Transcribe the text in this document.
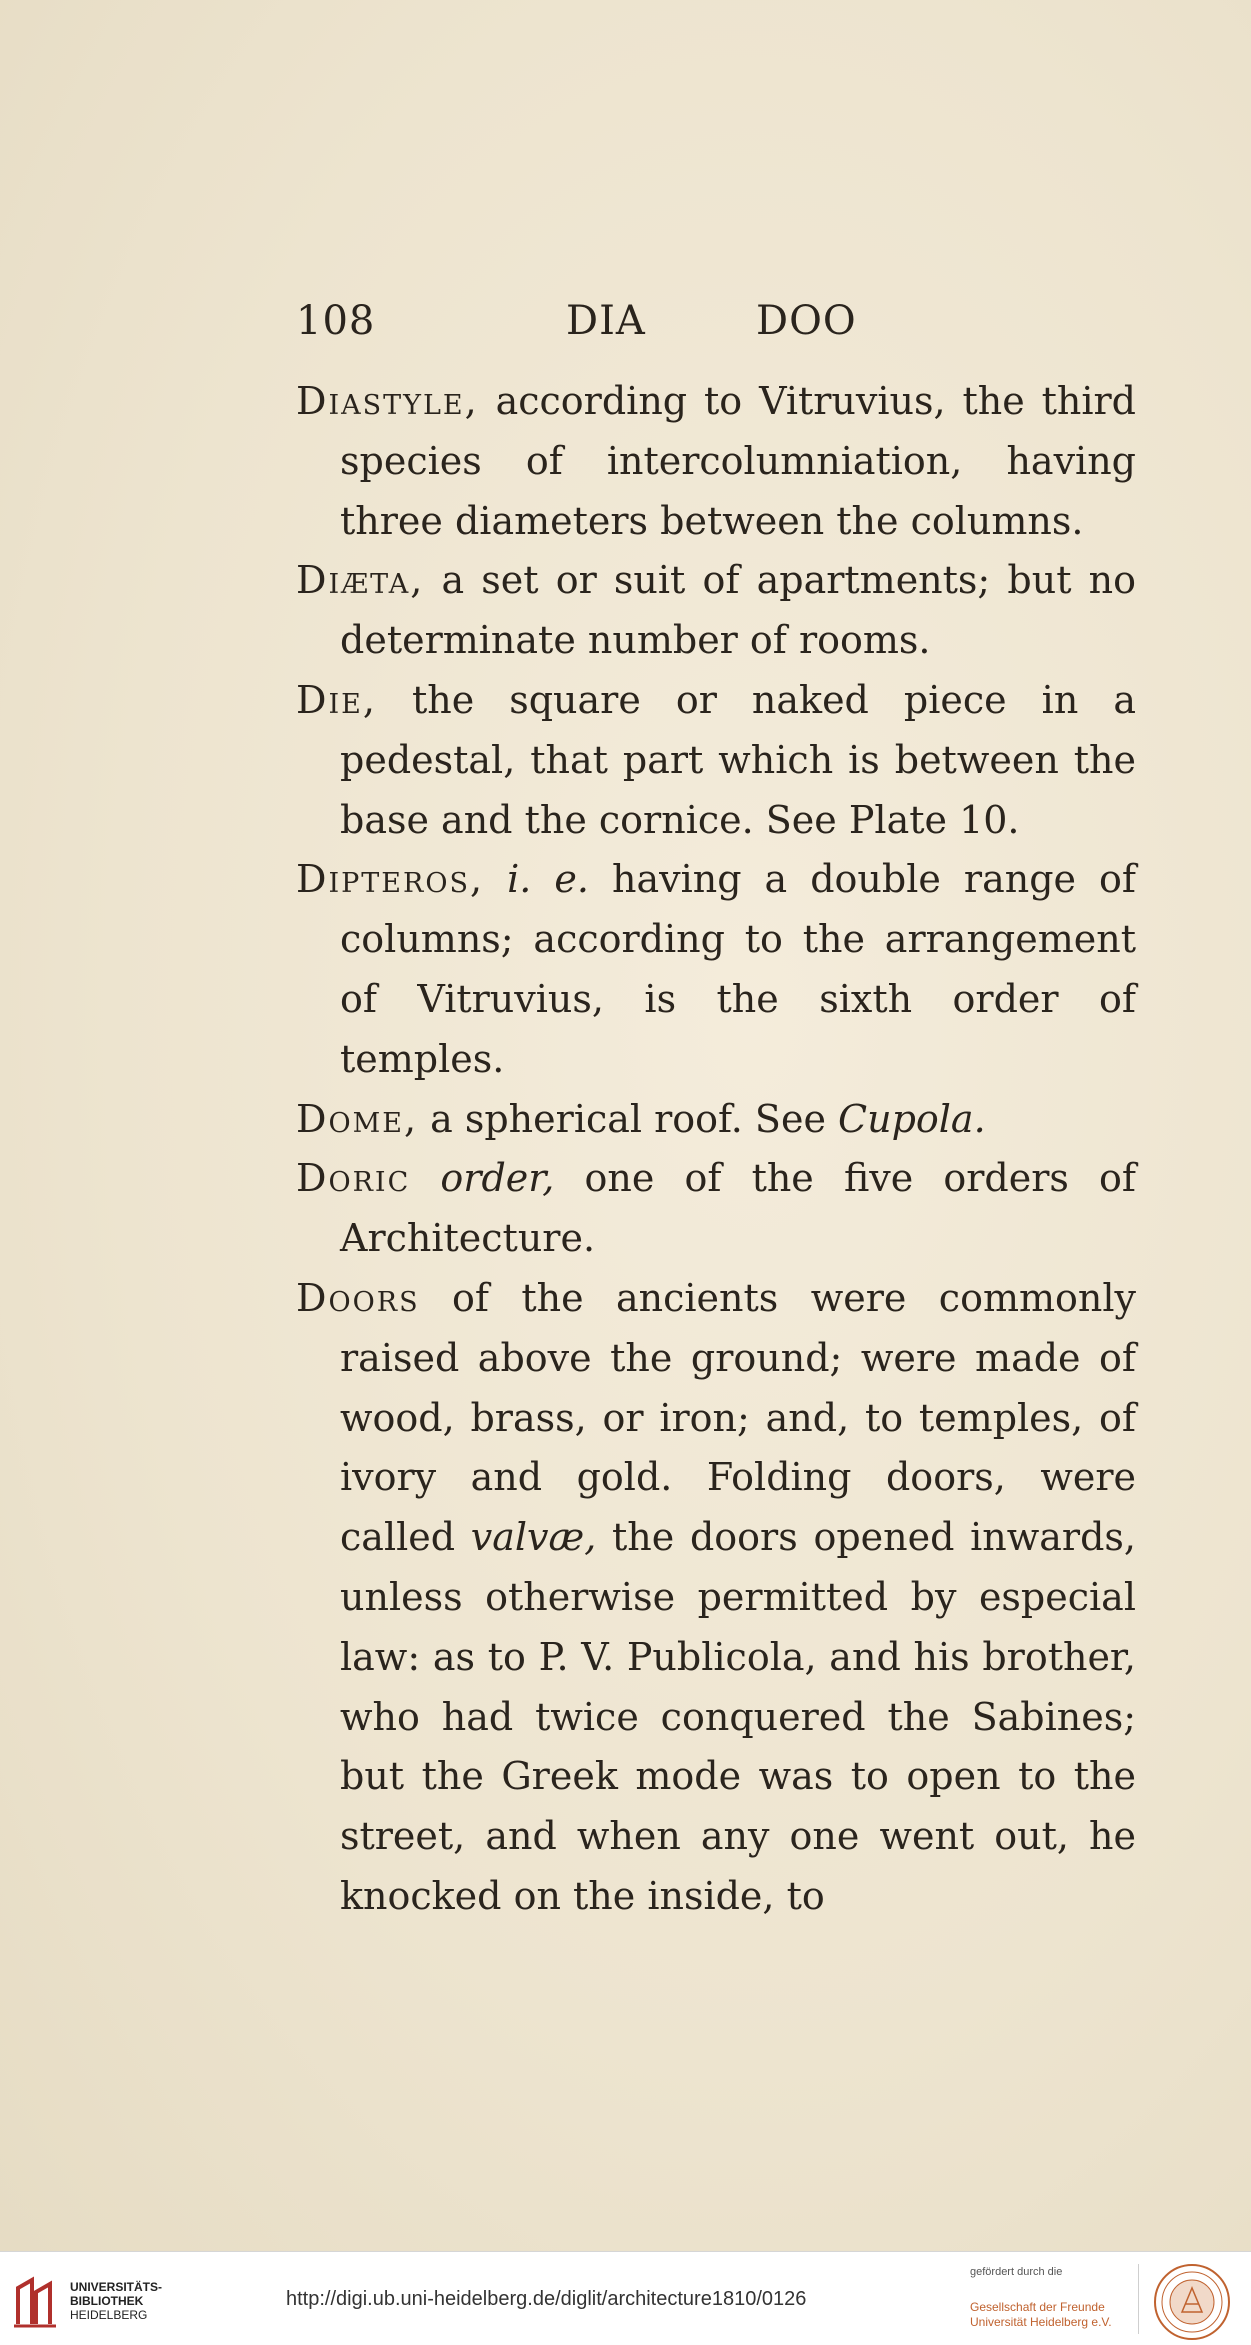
108	DIA	DOO

Diastyle, according to Vitruvius, the third species of intercolumniation, having three diameters between the columns.

Diæta, a set or suit of apartments; but no determinate number of rooms.

Die, the square or naked piece in a pedestal, that part which is between the base and the cornice. See Plate 10.

Dipteros, i. e. having a double range of columns; according to the arrangement of Vitruvius, is the sixth order of temples.

Dome, a spherical roof. See Cupola.

Doric order, one of the five orders of Architecture.

Doors of the ancients were commonly raised above the ground; were made of wood, brass, or iron; and, to temples, of ivory and gold. Folding doors, were called valvæ, the doors opened inwards, unless otherwise permitted by especial law: as to P. V. Publicola, and his brother, who had twice conquered the Sabines; but the Greek mode was to open to the street, and when any one went out, he knocked on the inside, to

UNIVERSITÄTS-
BIBLIOTHEK
HEIDELBERG
http://digi.ub.uni-heidelberg.de/diglit/architecture1810/0126
gefördert durch die
Gesellschaft der Freunde
Universität Heidelberg e.V.
